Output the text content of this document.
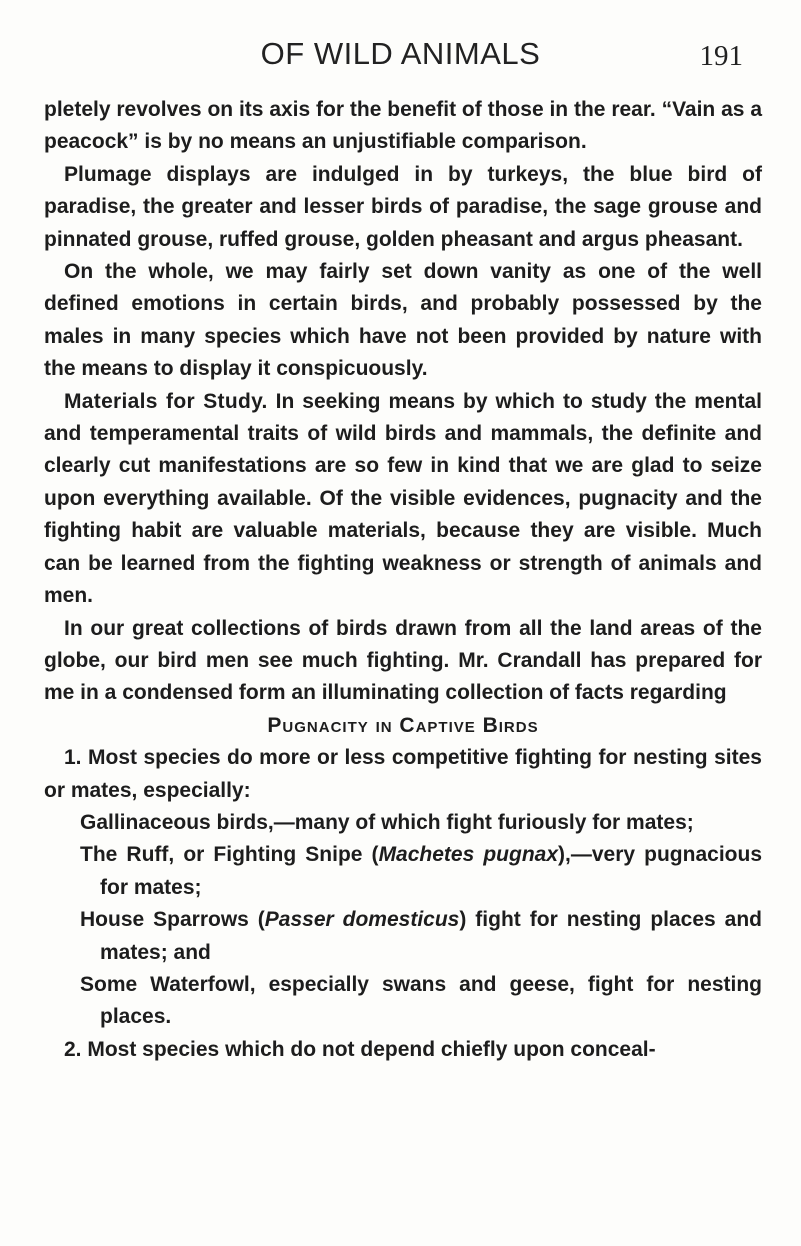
OF WILD ANIMALS	191

pletely revolves on its axis for the benefit of those in the rear. “Vain as a peacock” is by no means an unjustifiable comparison.

Plumage displays are indulged in by turkeys, the blue bird of paradise, the greater and lesser birds of paradise, the sage grouse and pinnated grouse, ruffed grouse, golden pheasant and argus pheasant.

On the whole, we may fairly set down vanity as one of the well defined emotions in certain birds, and probably possessed by the males in many species which have not been provided by nature with the means to display it conspicuously.

Materials for Study. In seeking means by which to study the mental and temperamental traits of wild birds and mammals, the definite and clearly cut manifestations are so few in kind that we are glad to seize upon everything available. Of the visible evidences, pugnacity and the fighting habit are valuable materials, because they are visible. Much can be learned from the fighting weakness or strength of animals and men.

In our great collections of birds drawn from all the land areas of the globe, our bird men see much fighting. Mr. Crandall has prepared for me in a condensed form an illuminating collection of facts regarding

Pugnacity in Captive Birds

1. Most species do more or less competitive fighting for nesting sites or mates, especially:

Gallinaceous birds,—many of which fight furiously for mates;

The Ruff, or Fighting Snipe (Machetes pugnax),—very pugnacious for mates;

House Sparrows (Passer domesticus) fight for nesting places and mates; and

Some Waterfowl, especially swans and geese, fight for nesting places.

2. Most species which do not depend chiefly upon conceal-
